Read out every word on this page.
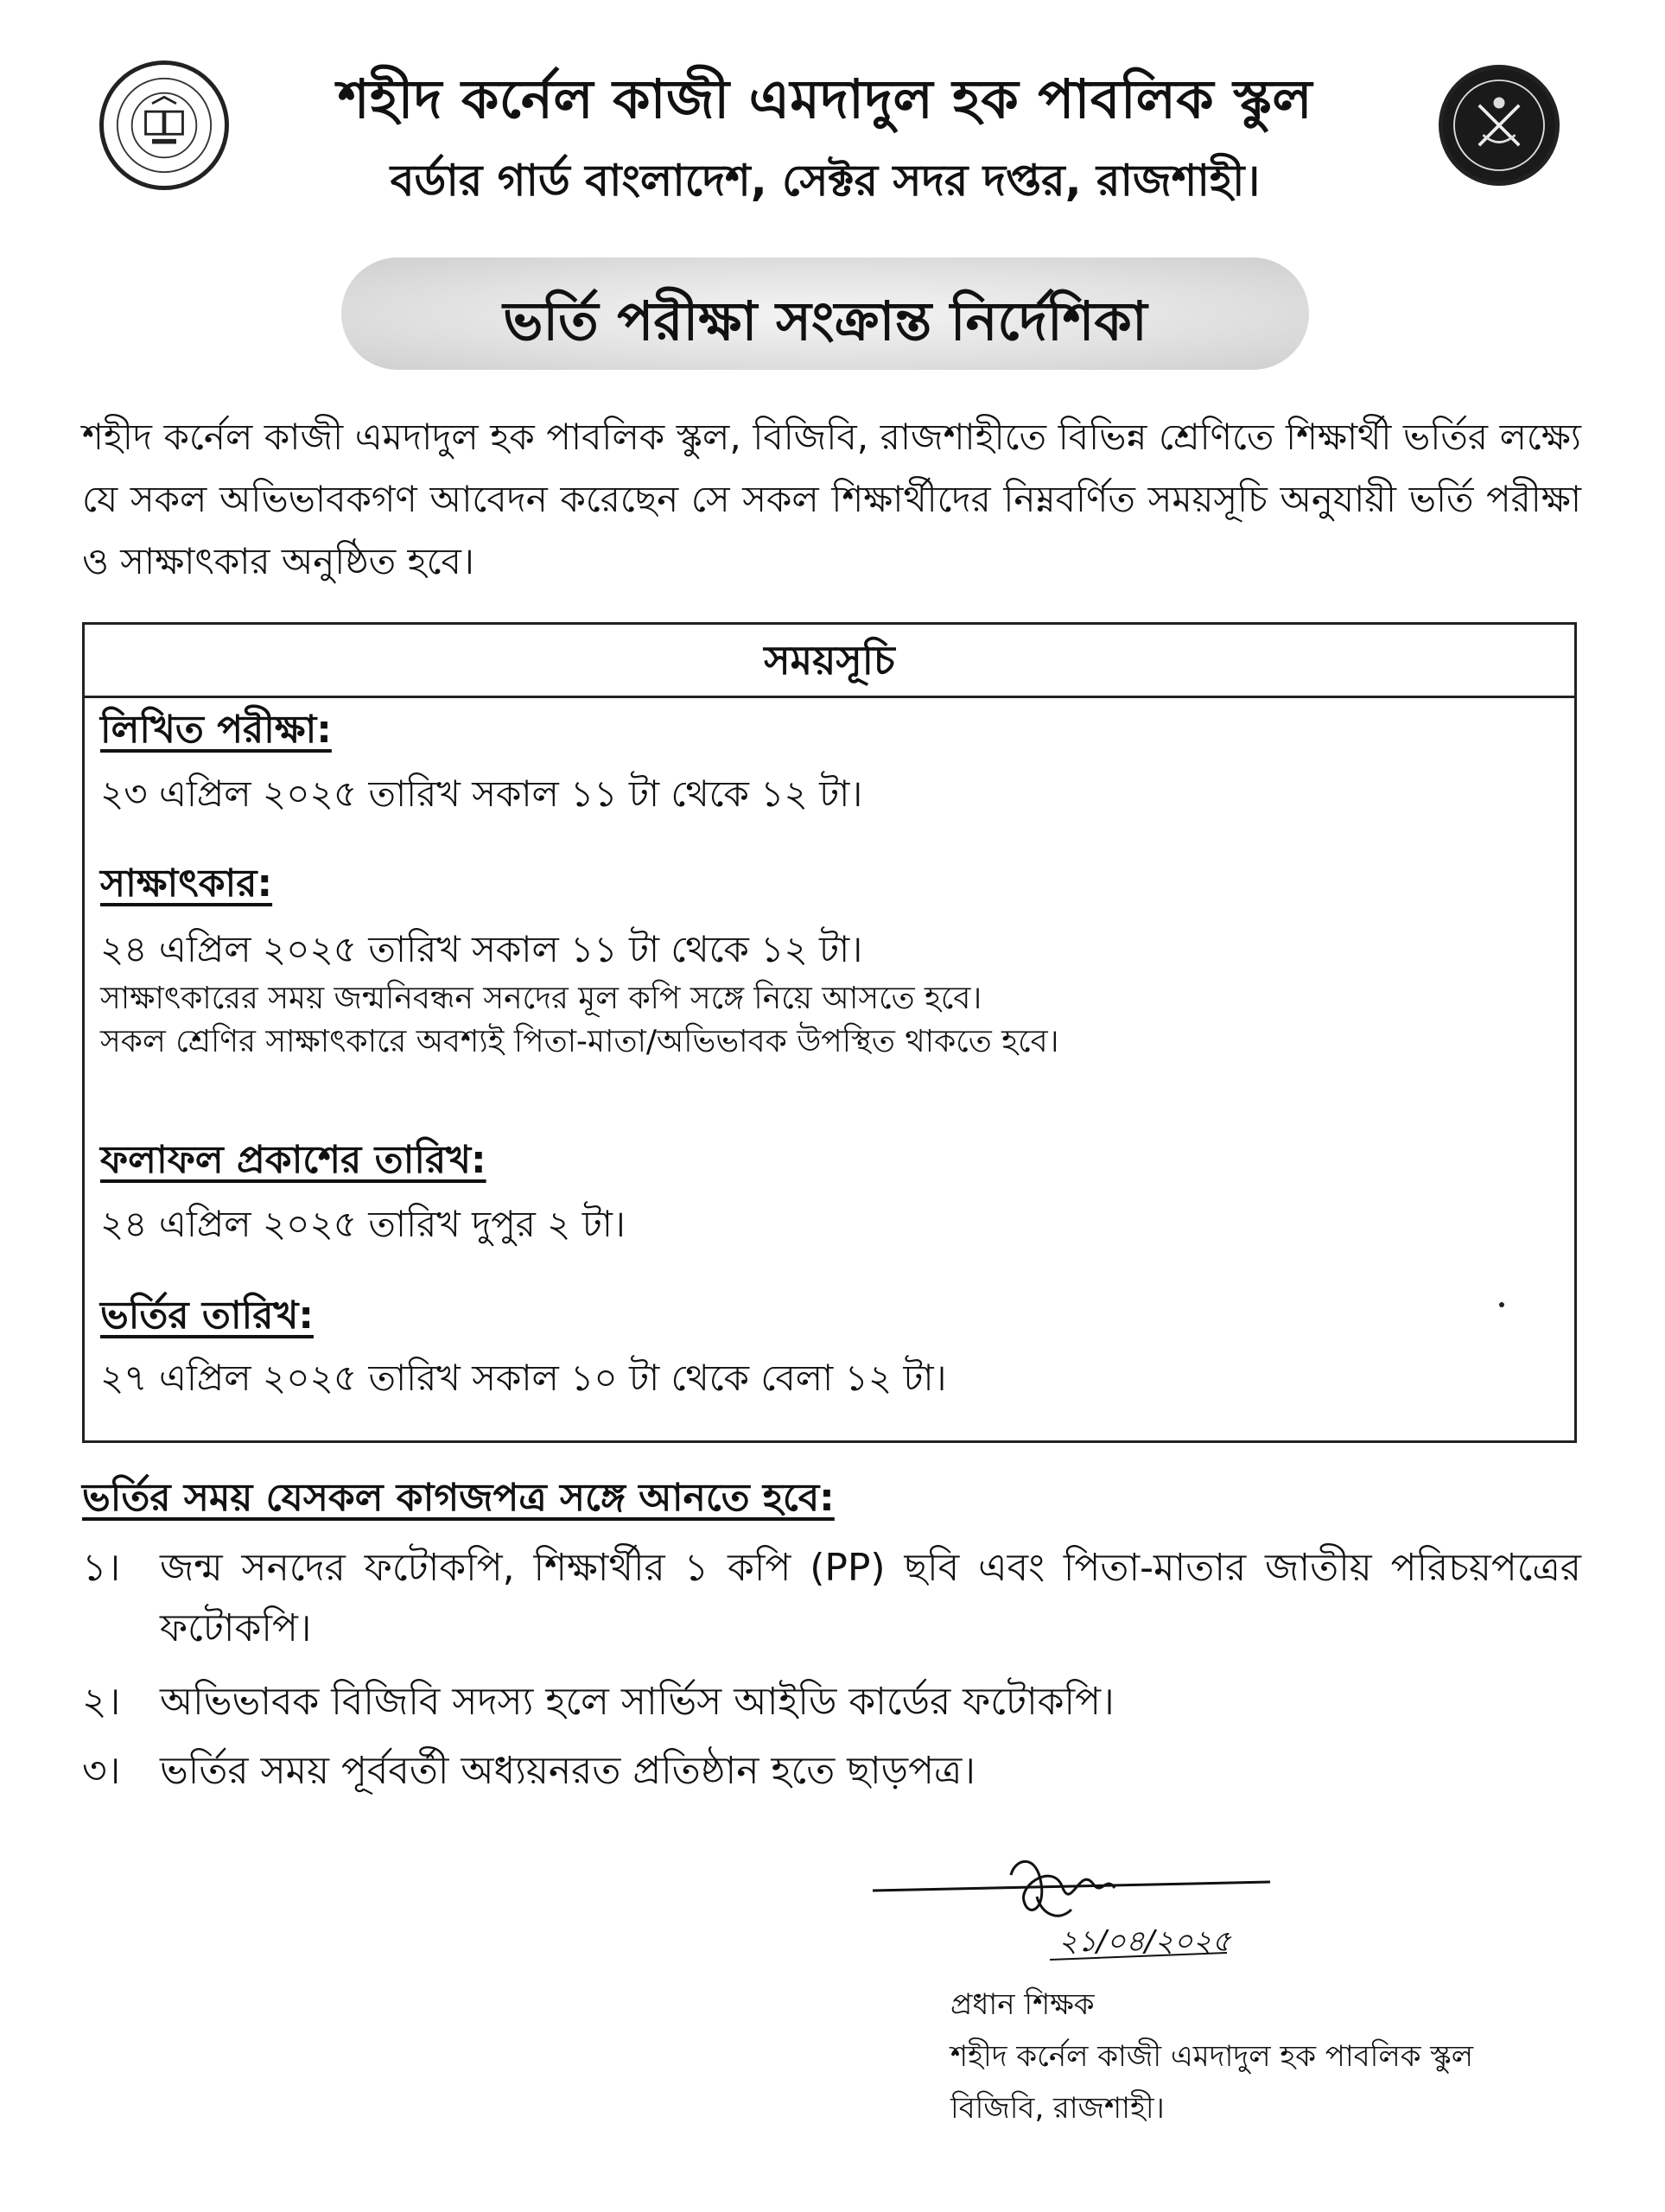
শহীদ কর্নেল কাজী এমদাদুল হক পাবলিক স্কুল
বর্ডার গার্ড বাংলাদেশ, সেক্টর সদর দপ্তর, রাজশাহী।
ভর্তি পরীক্ষা সংক্রান্ত নির্দেশিকা
শহীদ কর্নেল কাজী এমদাদুল হক পাবলিক স্কুল, বিজিবি, রাজশাহীতে বিভিন্ন শ্রেণিতে শিক্ষার্থী ভর্তির লক্ষ্যে যে সকল অভিভাবকগণ আবেদন করেছেন সে সকল শিক্ষার্থীদের নিম্নবর্ণিত সময়সূচি অনুযায়ী ভর্তি পরীক্ষা ও সাক্ষাৎকার অনুষ্ঠিত হবে।
সময়সূচি
লিখিত পরীক্ষা:
২৩ এপ্রিল ২০২৫ তারিখ সকাল ১১ টা থেকে ১২ টা।
সাক্ষাৎকার:
২৪ এপ্রিল ২০২৫ তারিখ সকাল ১১ টা থেকে ১২ টা।
সাক্ষাৎকারের সময় জন্মনিবন্ধন সনদের মূল কপি সঙ্গে নিয়ে আসতে হবে।
সকল শ্রেণির সাক্ষাৎকারে অবশ্যই পিতা-মাতা/অভিভাবক উপস্থিত থাকতে হবে।
ফলাফল প্রকাশের তারিখ:
২৪ এপ্রিল ২০২৫ তারিখ দুপুর ২ টা।
ভর্তির তারিখ:
২৭ এপ্রিল ২০২৫ তারিখ সকাল ১০ টা থেকে বেলা ১২ টা।
ভর্তির সময় যেসকল কাগজপত্র সঙ্গে আনতে হবে:
১।	জন্ম সনদের ফটোকপি, শিক্ষার্থীর ১ কপি (PP) ছবি এবং পিতা-মাতার জাতীয় পরিচয়পত্রের ফটোকপি।
২।	অভিভাবক বিজিবি সদস্য হলে সার্ভিস আইডি কার্ডের ফটোকপি।
৩।	ভর্তির সময় পূর্ববর্তী অধ্যয়নরত প্রতিষ্ঠান হতে ছাড়পত্র।
২১/০৪/২০২৫
প্রধান শিক্ষক
শহীদ কর্নেল কাজী এমদাদুল হক পাবলিক স্কুল
বিজিবি, রাজশাহী।
